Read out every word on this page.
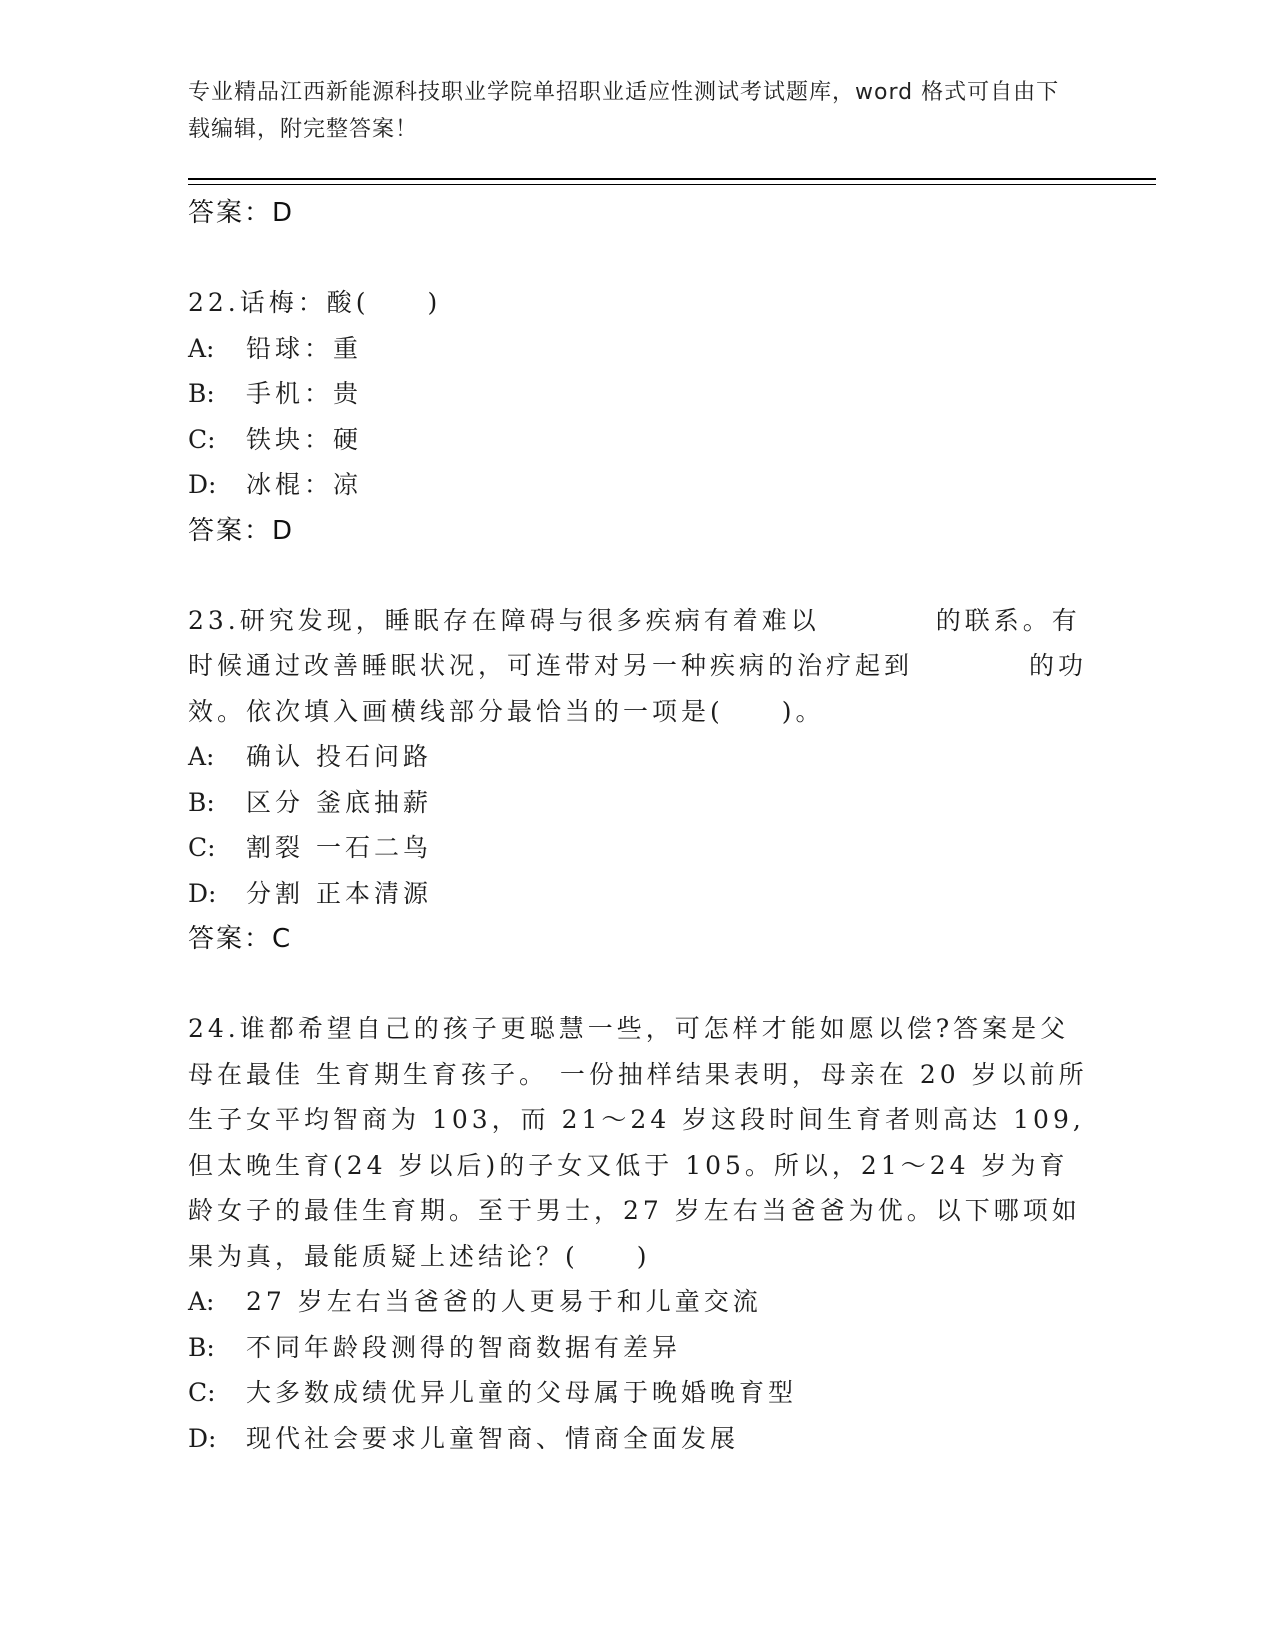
专业精品江西新能源科技职业学院单招职业适应性测试考试题库，word 格式可自由下载编辑，附完整答案！
答案：D
22.话梅：酸(　　)
A: 铅球：重
B: 手机：贵
C: 铁块：硬
D: 冰棍：凉
答案：D
23.研究发现，睡眠存在障碍与很多疾病有着难以　　　　的联系。有时候通过改善睡眠状况，可连带对另一种疾病的治疗起到　　　　的功效。依次填入画横线部分最恰当的一项是(　　)。
A: 确认 投石问路
B: 区分 釜底抽薪
C: 割裂 一石二鸟
D: 分割 正本清源
答案：C
24.谁都希望自己的孩子更聪慧一些，可怎样才能如愿以偿?答案是父母在最佳 生育期生育孩子。 一份抽样结果表明，母亲在 20 岁以前所生子女平均智商为 103，而 21～24 岁这段时间生育者则高达 109,但太晚生育(24 岁以后)的子女又低于 105。所以，21～24 岁为育龄女子的最佳生育期。至于男士，27 岁左右当爸爸为优。以下哪项如果为真，最能质疑上述结论？(　　)
A: 27 岁左右当爸爸的人更易于和儿童交流
B: 不同年龄段测得的智商数据有差异
C: 大多数成绩优异儿童的父母属于晚婚晚育型
D: 现代社会要求儿童智商、情商全面发展
